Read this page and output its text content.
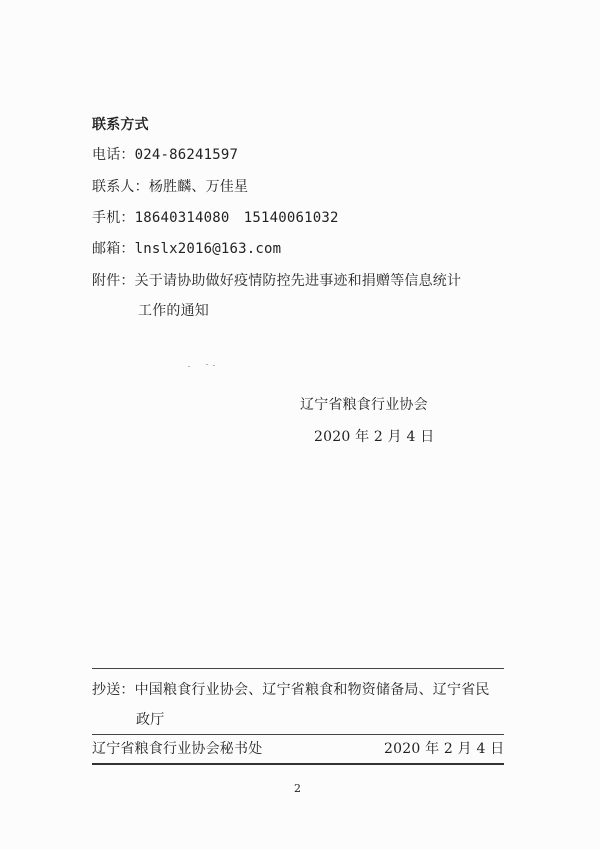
联系方式
电话：024-86241597
联系人：杨胜麟、万佳星
手机：18640314080　15140061032
邮箱：lnslx2016@163.com
附件：关于请协助做好疫情防控先进事迹和捐赠等信息统计
工作的通知
辽宁省粮食行业协会
2020 年 2 月 4 日
抄送：中国粮食行业协会、辽宁省粮食和物资储备局、辽宁省民
政厅
辽宁省粮食行业协会秘书处	2020 年 2 月 4 日
2
